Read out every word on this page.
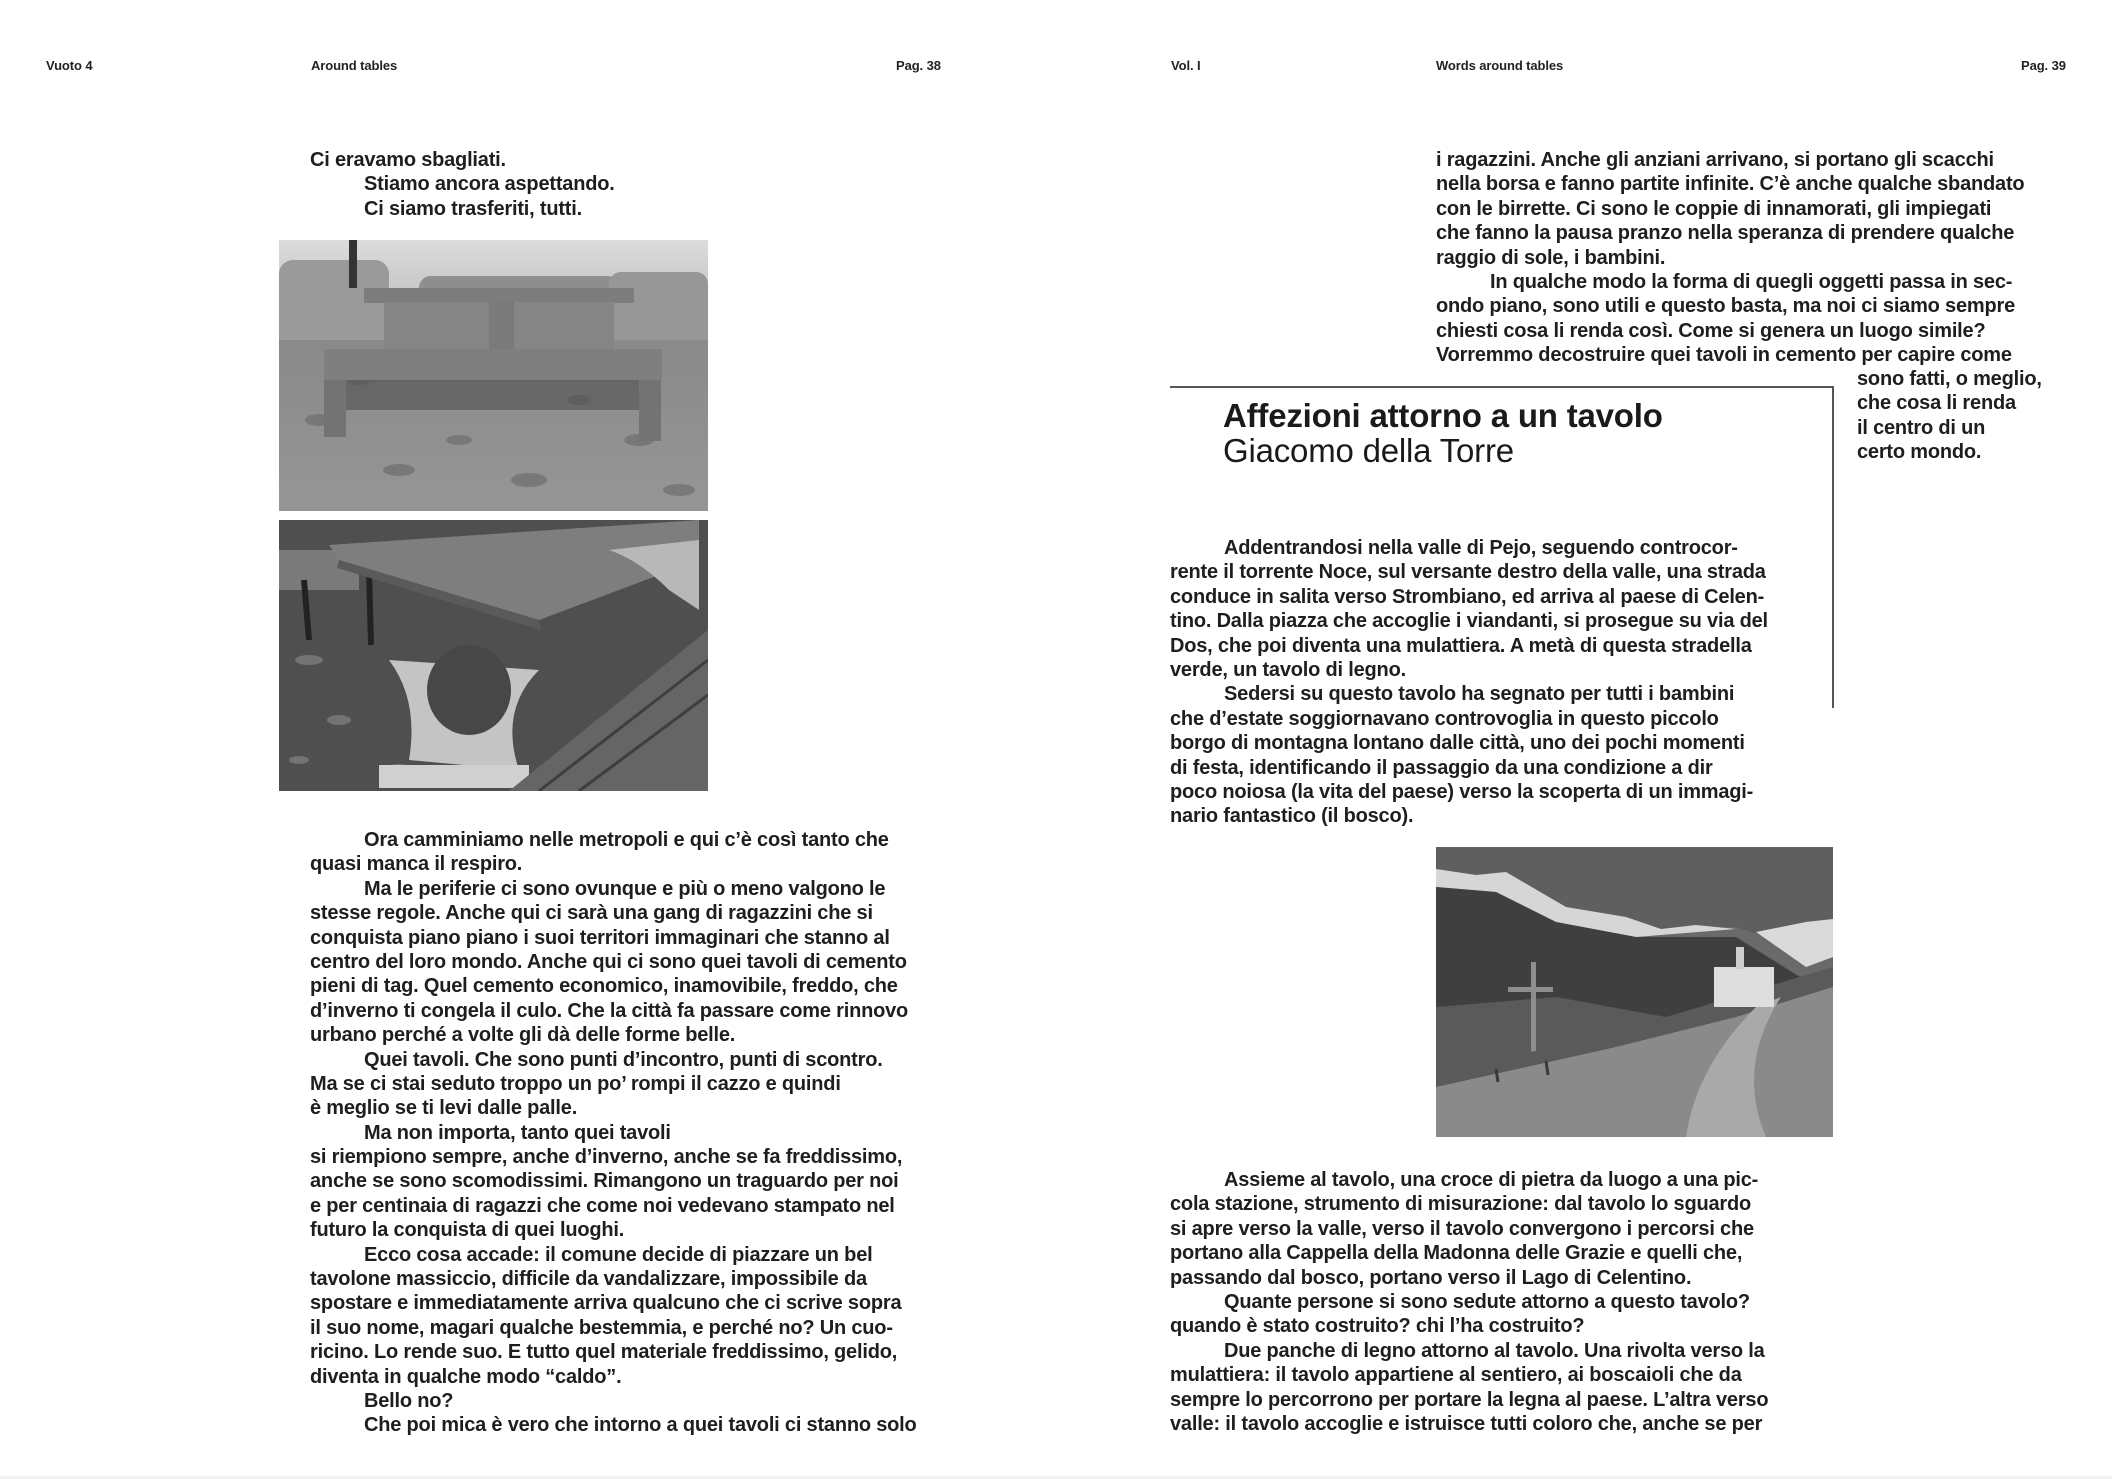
Vuoto 4	Around tables	Pag. 38	Vol. I	Words around tables	Pag. 39
Ci eravamo sbagliati.
Stiamo ancora aspettando.
Ci siamo trasferiti, tutti.
Ora camminiamo nelle metropoli e qui c’è così tanto che
quasi manca il respiro.
Ma le periferie ci sono ovunque e più o meno valgono le
stesse regole. Anche qui ci sarà una gang di ragazzini che si
conquista piano piano i suoi territori immaginari che stanno al
centro del loro mondo. Anche qui ci sono quei tavoli di cemento
pieni di tag. Quel cemento economico, inamovibile, freddo, che
d’inverno ti congela il culo. Che la città fa passare come rinnovo
urbano perché a volte gli dà delle forme belle.
Quei tavoli. Che sono punti d’incontro, punti di scontro.
Ma se ci stai seduto troppo un po’ rompi il cazzo e quindi
è meglio se ti levi dalle palle.
Ma non importa, tanto quei tavoli
si riempiono sempre, anche d’inverno, anche se fa freddissimo,
anche se sono scomodissimi. Rimangono un traguardo per noi
e per centinaia di ragazzi che come noi vedevano stampato nel
futuro la conquista di quei luoghi.
Ecco cosa accade: il comune decide di piazzare un bel
tavolone massiccio, difficile da vandalizzare, impossibile da
spostare e immediatamente arriva qualcuno che ci scrive sopra
il suo nome, magari qualche bestemmia, e perché no? Un cuo-
ricino. Lo rende suo. E tutto quel materiale freddissimo, gelido,
diventa in qualche modo “caldo”.
Bello no?
Che poi mica è vero che intorno a quei tavoli ci stanno solo
i ragazzini. Anche gli anziani arrivano, si portano gli scacchi
nella borsa e fanno partite infinite. C’è anche qualche sbandato
con le birrette. Ci sono le coppie di innamorati, gli impiegati
che fanno la pausa pranzo nella speranza di prendere qualche
raggio di sole, i bambini.
In qualche modo la forma di quegli oggetti passa in sec-
ondo piano, sono utili e questo basta, ma noi ci siamo sempre
chiesti cosa li renda così. Come si genera un luogo simile?
Vorremmo decostruire quei tavoli in cemento per capire come
sono fatti, o meglio,
che cosa li renda
il centro di un
certo mondo.
Affezioni attorno a un tavolo
Giacomo della Torre
Addentrandosi nella valle di Pejo, seguendo controcor-
rente il torrente Noce, sul versante destro della valle, una strada
conduce in salita verso Strombiano, ed arriva al paese di Celen-
tino. Dalla piazza che accoglie i viandanti, si prosegue su via del
Dos, che poi diventa una mulattiera. A metà di questa stradella
verde, un tavolo di legno.
Sedersi su questo tavolo ha segnato per tutti i bambini
che d’estate soggiornavano controvoglia in questo piccolo
borgo di montagna lontano dalle città, uno dei pochi momenti
di festa, identificando il passaggio da una condizione a dir
poco noiosa (la vita del paese) verso la scoperta di un immagi-
nario fantastico (il bosco).
Assieme al tavolo, una croce di pietra da luogo a una pic-
cola stazione, strumento di misurazione: dal tavolo lo sguardo
si apre verso la valle, verso il tavolo convergono i percorsi che
portano alla Cappella della Madonna delle Grazie e quelli che,
passando dal bosco, portano verso il Lago di Celentino.
Quante persone si sono sedute attorno a questo tavolo?
quando è stato costruito? chi l’ha costruito?
Due panche di legno attorno al tavolo. Una rivolta verso la
mulattiera: il tavolo appartiene al sentiero, ai boscaioli che da
sempre lo percorrono per portare la legna al paese. L’altra verso
valle: il tavolo accoglie e istruisce tutti coloro che, anche se per
